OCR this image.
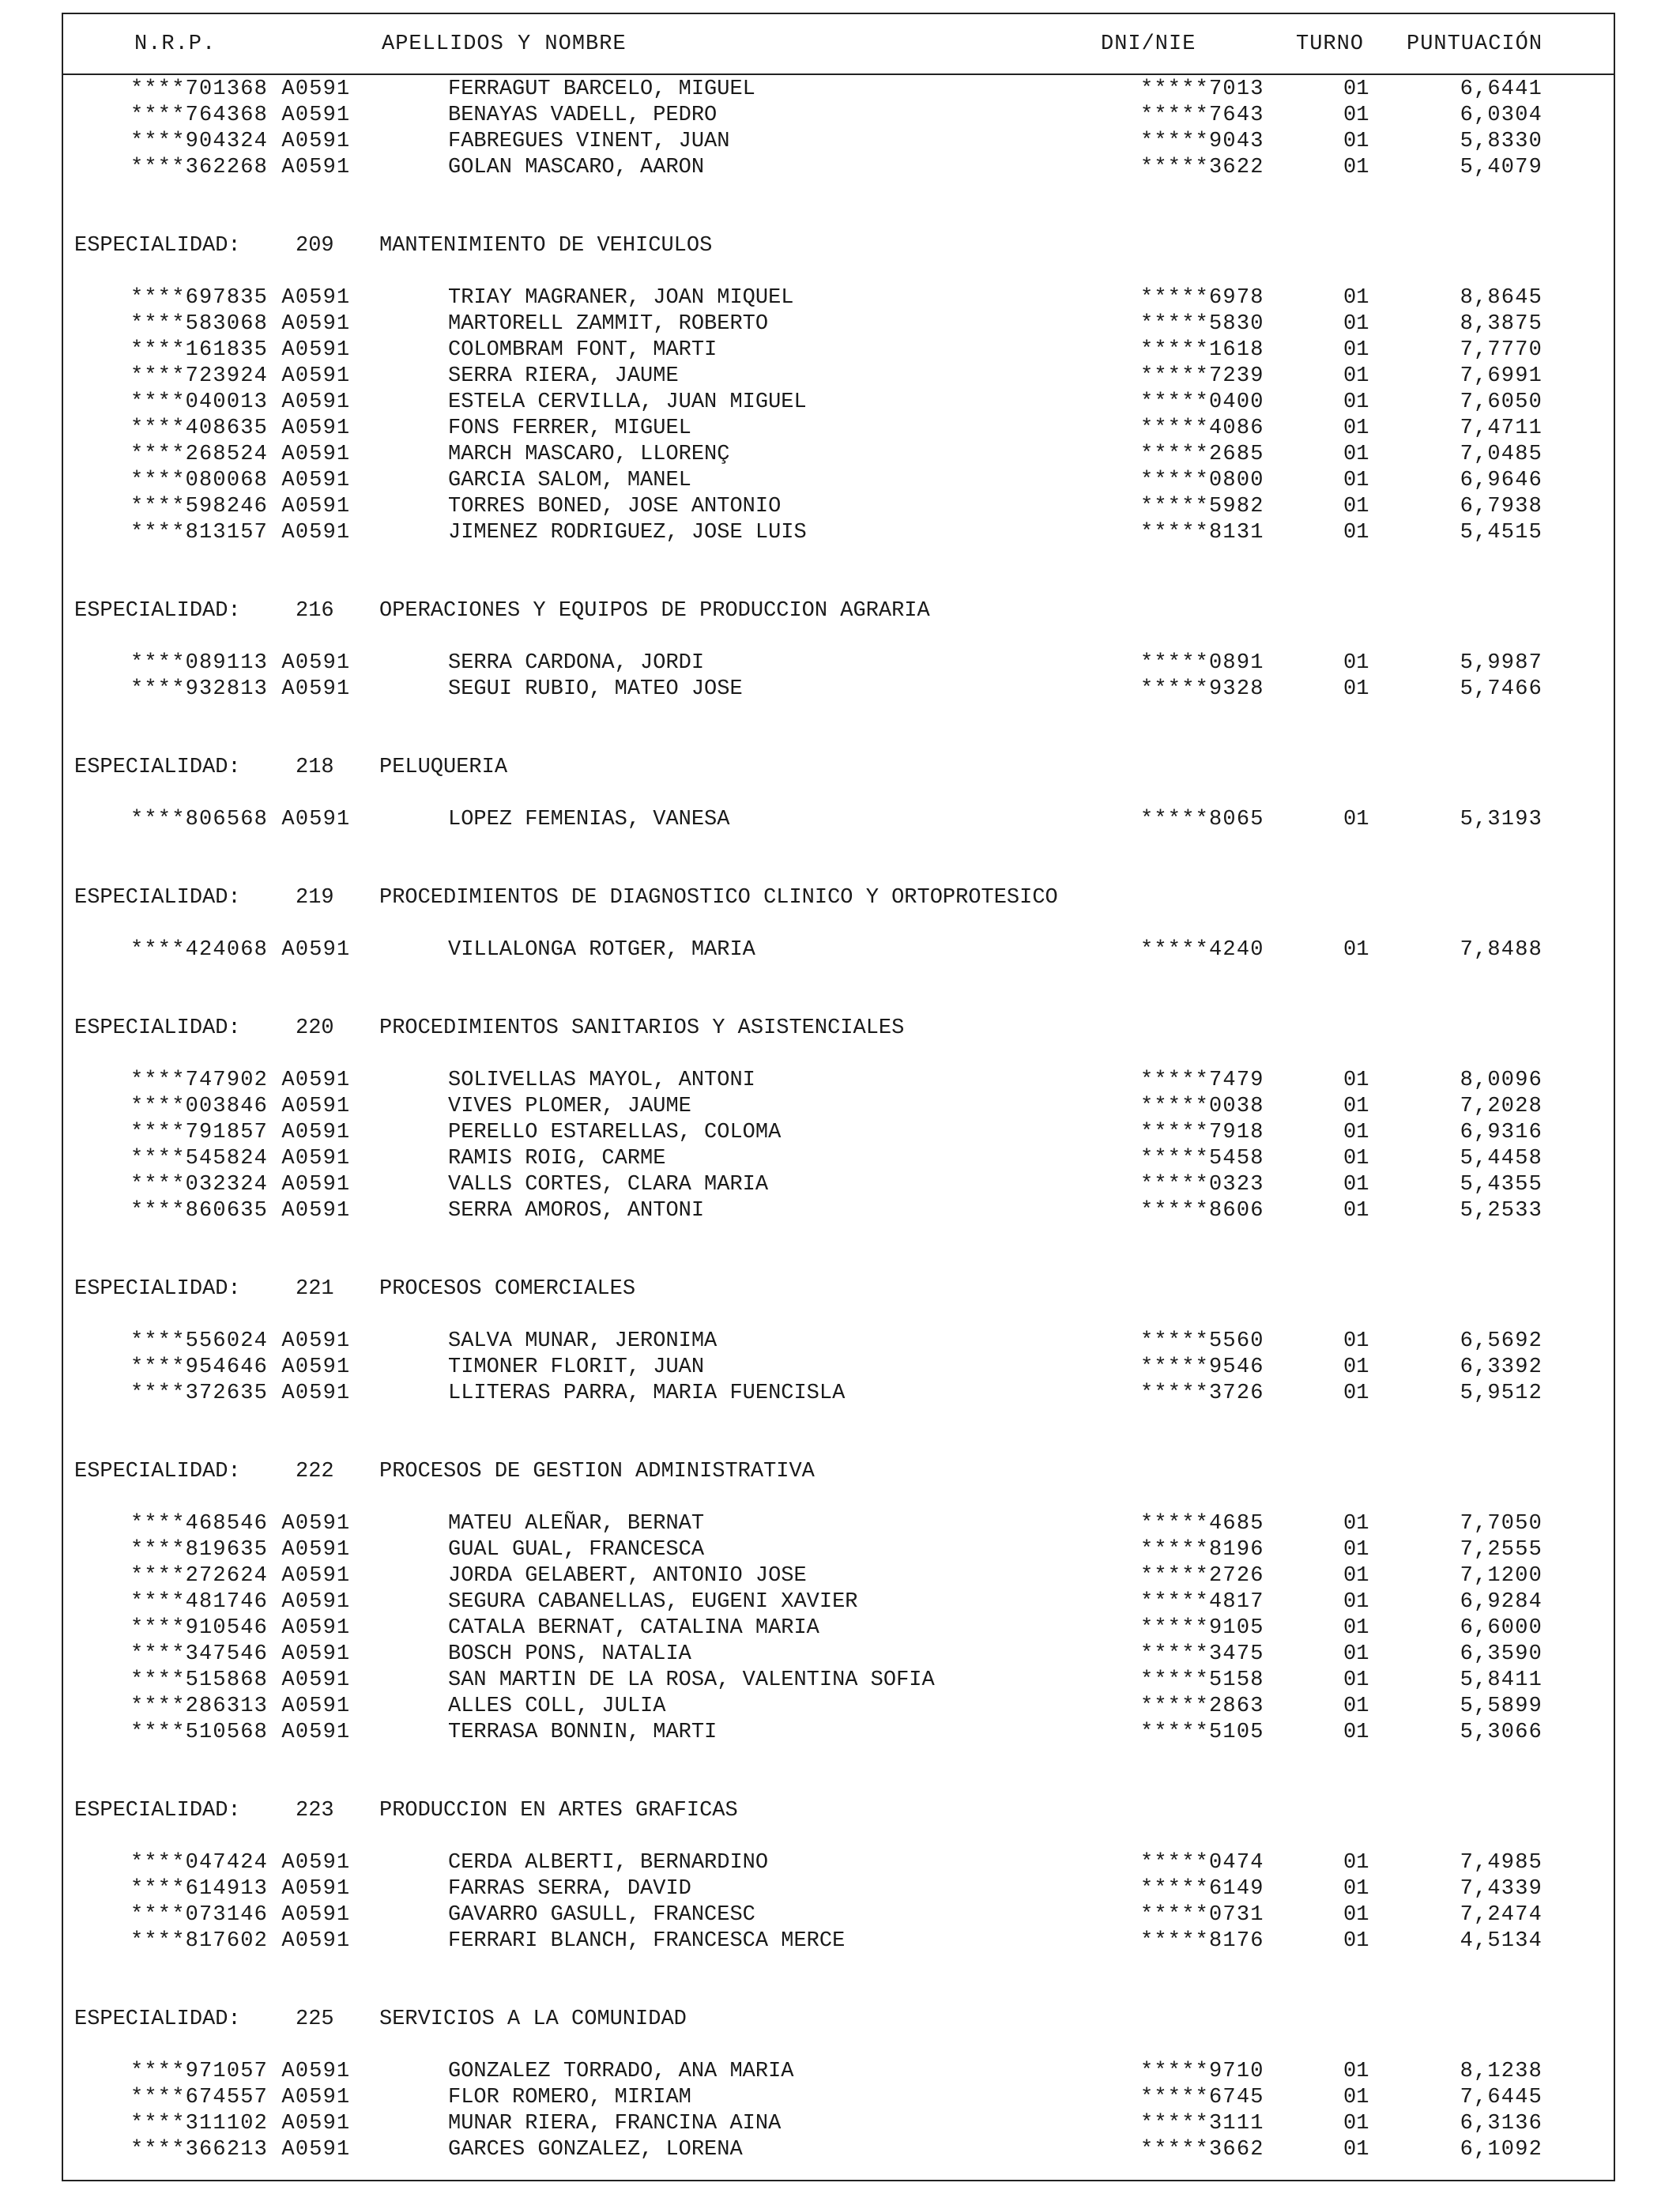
N.R.P.	APELLIDOS Y NOMBRE	DNI/NIE	TURNO PUNTUACIÓN
****701368 A0591	FERRAGUT BARCELO, MIGUEL	*****7013	01	6,6441
****764368 A0591	BENAYAS VADELL, PEDRO	*****7643	01	6,0304
****904324 A0591	FABREGUES VINENT, JUAN	*****9043	01	5,8330
****362268 A0591	GOLAN MASCARO, AARON	*****3622	01	5,4079
ESPECIALIDAD:	209 MANTENIMIENTO DE VEHICULOS
****697835 A0591	TRIAY MAGRANER, JOAN MIQUEL	*****6978	01	8,8645
****583068 A0591	MARTORELL ZAMMIT, ROBERTO	*****5830	01	8,3875
****161835 A0591	COLOMBRAM FONT, MARTI	*****1618	01	7,7770
****723924 A0591	SERRA RIERA, JAUME	*****7239	01	7,6991
****040013 A0591	ESTELA CERVILLA, JUAN MIGUEL	*****0400	01	7,6050
****408635 A0591	FONS FERRER, MIGUEL	*****4086	01	7,4711
****268524 A0591	MARCH MASCARO, LLORENÇ	*****2685	01	7,0485
****080068 A0591	GARCIA SALOM, MANEL	*****0800	01	6,9646
****598246 A0591	TORRES BONED, JOSE ANTONIO	*****5982	01	6,7938
****813157 A0591	JIMENEZ RODRIGUEZ, JOSE LUIS	*****8131	01	5,4515
ESPECIALIDAD:	216 OPERACIONES Y EQUIPOS DE PRODUCCION AGRARIA
****089113 A0591	SERRA CARDONA, JORDI	*****0891	01	5,9987
****932813 A0591	SEGUI RUBIO, MATEO JOSE	*****9328	01	5,7466
ESPECIALIDAD:	218 PELUQUERIA
****806568 A0591	LOPEZ FEMENIAS, VANESA	*****8065	01	5,3193
ESPECIALIDAD:	219 PROCEDIMIENTOS DE DIAGNOSTICO CLINICO Y ORTOPROTESICO
****424068 A0591	VILLALONGA ROTGER, MARIA	*****4240	01	7,8488
ESPECIALIDAD:	220 PROCEDIMIENTOS SANITARIOS Y ASISTENCIALES
****747902 A0591	SOLIVELLAS MAYOL, ANTONI	*****7479	01	8,0096
****003846 A0591	VIVES PLOMER, JAUME	*****0038	01	7,2028
****791857 A0591	PERELLO ESTARELLAS, COLOMA	*****7918	01	6,9316
****545824 A0591	RAMIS ROIG, CARME	*****5458	01	5,4458
****032324 A0591	VALLS CORTES, CLARA MARIA	*****0323	01	5,4355
****860635 A0591	SERRA AMOROS, ANTONI	*****8606	01	5,2533
ESPECIALIDAD:	221 PROCESOS COMERCIALES
****556024 A0591	SALVA MUNAR, JERONIMA	*****5560	01	6,5692
****954646 A0591	TIMONER FLORIT, JUAN	*****9546	01	6,3392
****372635 A0591	LLITERAS PARRA, MARIA FUENCISLA	*****3726	01	5,9512
ESPECIALIDAD:	222 PROCESOS DE GESTION ADMINISTRATIVA
****468546 A0591	MATEU ALEÑAR, BERNAT	*****4685	01	7,7050
****819635 A0591	GUAL GUAL, FRANCESCA	*****8196	01	7,2555
****272624 A0591	JORDA GELABERT, ANTONIO JOSE	*****2726	01	7,1200
****481746 A0591	SEGURA CABANELLAS, EUGENI XAVIER	*****4817	01	6,9284
****910546 A0591	CATALA BERNAT, CATALINA MARIA	*****9105	01	6,6000
****347546 A0591	BOSCH PONS, NATALIA	*****3475	01	6,3590
****515868 A0591	SAN MARTIN DE LA ROSA, VALENTINA SOFIA	*****5158	01	5,8411
****286313 A0591	ALLES COLL, JULIA	*****2863	01	5,5899
****510568 A0591	TERRASA BONNIN, MARTI	*****5105	01	5,3066
ESPECIALIDAD:	223 PRODUCCION EN ARTES GRAFICAS
****047424 A0591	CERDA ALBERTI, BERNARDINO	*****0474	01	7,4985
****614913 A0591	FARRAS SERRA, DAVID	*****6149	01	7,4339
****073146 A0591	GAVARRO GASULL, FRANCESC	*****0731	01	7,2474
****817602 A0591	FERRARI BLANCH, FRANCESCA MERCE	*****8176	01	4,5134
ESPECIALIDAD:	225 SERVICIOS A LA COMUNIDAD
****971057 A0591	GONZALEZ TORRADO, ANA MARIA	*****9710	01	8,1238
****674557 A0591	FLOR ROMERO, MIRIAM	*****6745	01	7,6445
****311102 A0591	MUNAR RIERA, FRANCINA AINA	*****3111	01	6,3136
****366213 A0591	GARCES GONZALEZ, LORENA	*****3662	01	6,1092
